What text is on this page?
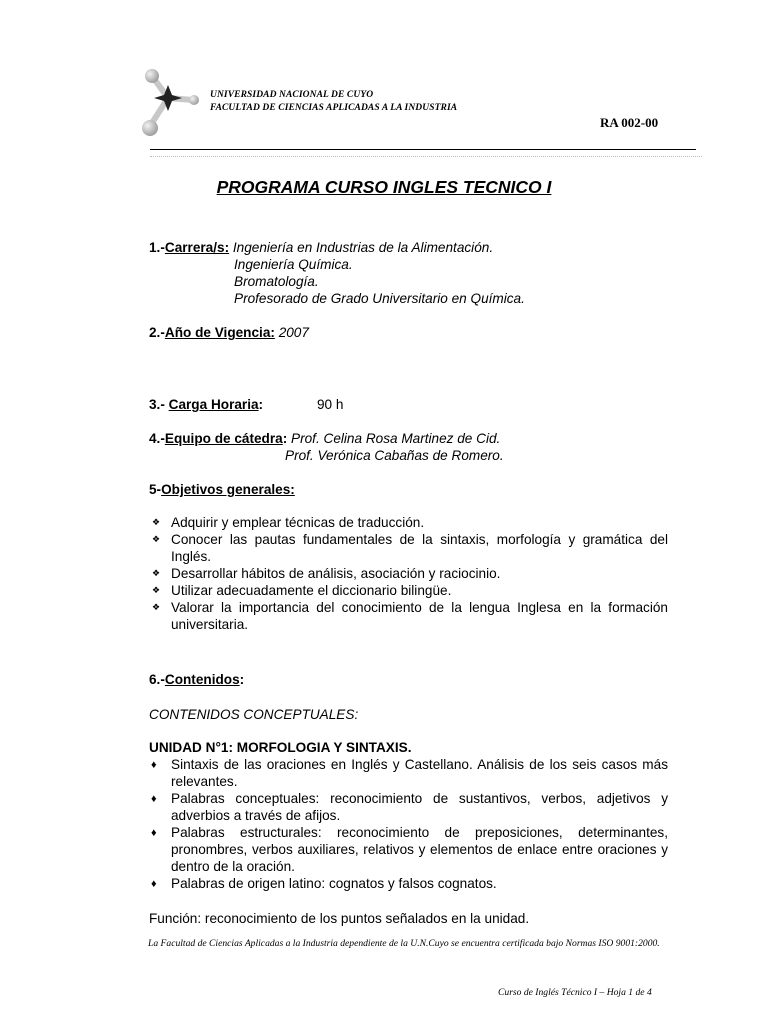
UNIVERSIDAD NACIONAL DE CUYO
FACULTAD DE CIENCIAS APLICADAS A LA INDUSTRIA
RA 002-00
PROGRAMA CURSO INGLES TECNICO I
1.-Carrera/s: Ingeniería en Industrias de la Alimentación.
Ingeniería Química.
Bromatología.
Profesorado de Grado Universitario en Química.
2.-Año de Vigencia: 2007
3.- Carga Horaria:	90 h
4.-Equipo de cátedra: Prof. Celina Rosa Martinez de Cid.
Prof. Verónica Cabañas de Romero.
5-Objetivos generales:
❖ Adquirir y emplear técnicas de traducción.
❖ Conocer las pautas fundamentales de la sintaxis, morfología y gramática del Inglés.
❖ Desarrollar hábitos de análisis, asociación y raciocinio.
❖ Utilizar adecuadamente el diccionario bilingüe.
❖ Valorar la importancia del conocimiento de la lengua Inglesa en la formación universitaria.
6.-Contenidos:
CONTENIDOS CONCEPTUALES:
UNIDAD N°1: MORFOLOGIA Y SINTAXIS.
♦ Sintaxis de las oraciones en Inglés y Castellano. Análisis de los seis casos más relevantes.
♦ Palabras conceptuales: reconocimiento de sustantivos, verbos, adjetivos y adverbios a través de afijos.
♦ Palabras estructurales: reconocimiento de preposiciones, determinantes, pronombres, verbos auxiliares, relativos y elementos de enlace entre oraciones y dentro de la oración.
♦ Palabras de origen latino: cognatos y falsos cognatos.
Función: reconocimiento de los puntos señalados en la unidad.
La Facultad de Ciencias Aplicadas a la Industria dependiente de la U.N.Cuyo se encuentra certificada bajo Normas ISO 9001:2000.
Curso de Inglés Técnico I – Hoja 1 de 4
